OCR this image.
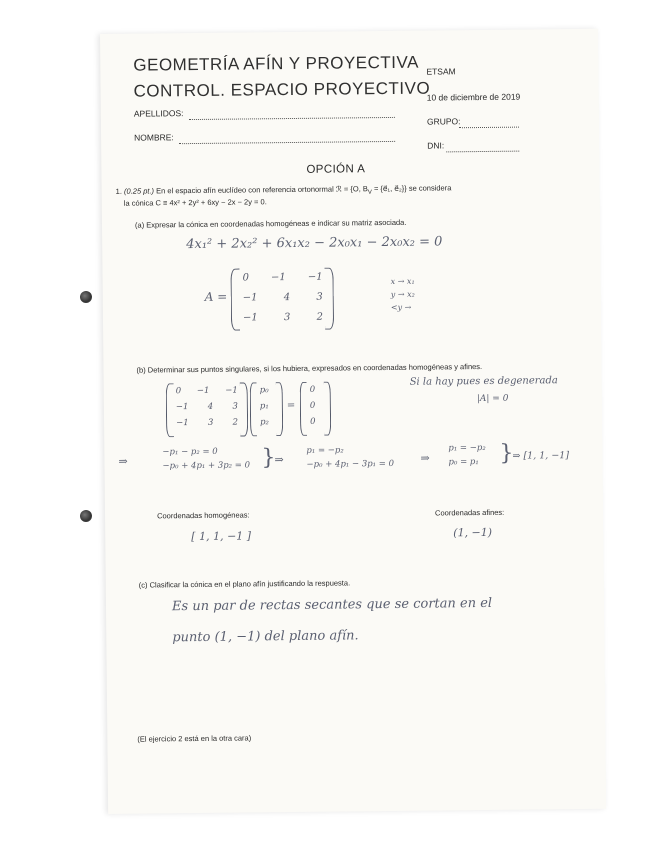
GEOMETRÍA AFÍN Y PROYECTIVA
CONTROL. ESPACIO PROYECTIVO
ETSAM
10 de diciembre de 2019
APELLIDOS:
GRUPO:
NOMBRE:
DNI:
OPCIÓN A
1. (0.25 pt.) En el espacio afín euclídeo con referencia ortonormal ℛ = {O, $B_V$ = {e⃗₁, e⃗₂}} se considera
la cónica C ≡ 4x² + 2y² + 6xy − 2x − 2y = 0.
(a) Expresar la cónica en coordenadas homogéneas e indicar su matriz asociada.
4x₁² + 2x₂² + 6x₁x₂ − 2x₀x₁ − 2x₀x₂ = 0
A =
0 −1 −1
−1	4	3
−1	3	2
x → x₁
y → x₂
<y →
(b) Determinar sus puntos singulares, si los hubiera, expresados en coordenadas homogéneas y afines.
0 −1 −1
−1 4 3
−1 3 2
p₀
p₁
p₂
=
0
0
0
Si la hay pues es degenerada
|A| = 0
⇒
−p₁ − p₂ = 0
−p₀ + 4p₁ + 3p₂ = 0 }
⇒
p₁ = −p₂
−p₀ + 4p₁ − 3p₁ = 0 ⇒
p₁ = −p₂
p₀ = p₁ }
⇒ [1, 1, −1]
Coordenadas homogéneas:
[ 1, 1, −1 ]
Coordenadas afines:
(1, −1)
(c) Clasificar la cónica en el plano afín justificando la respuesta.
Es un par de rectas secantes que se cortan en el
punto (1, −1) del plano afín.
(El ejercicio 2 está en la otra cara)
